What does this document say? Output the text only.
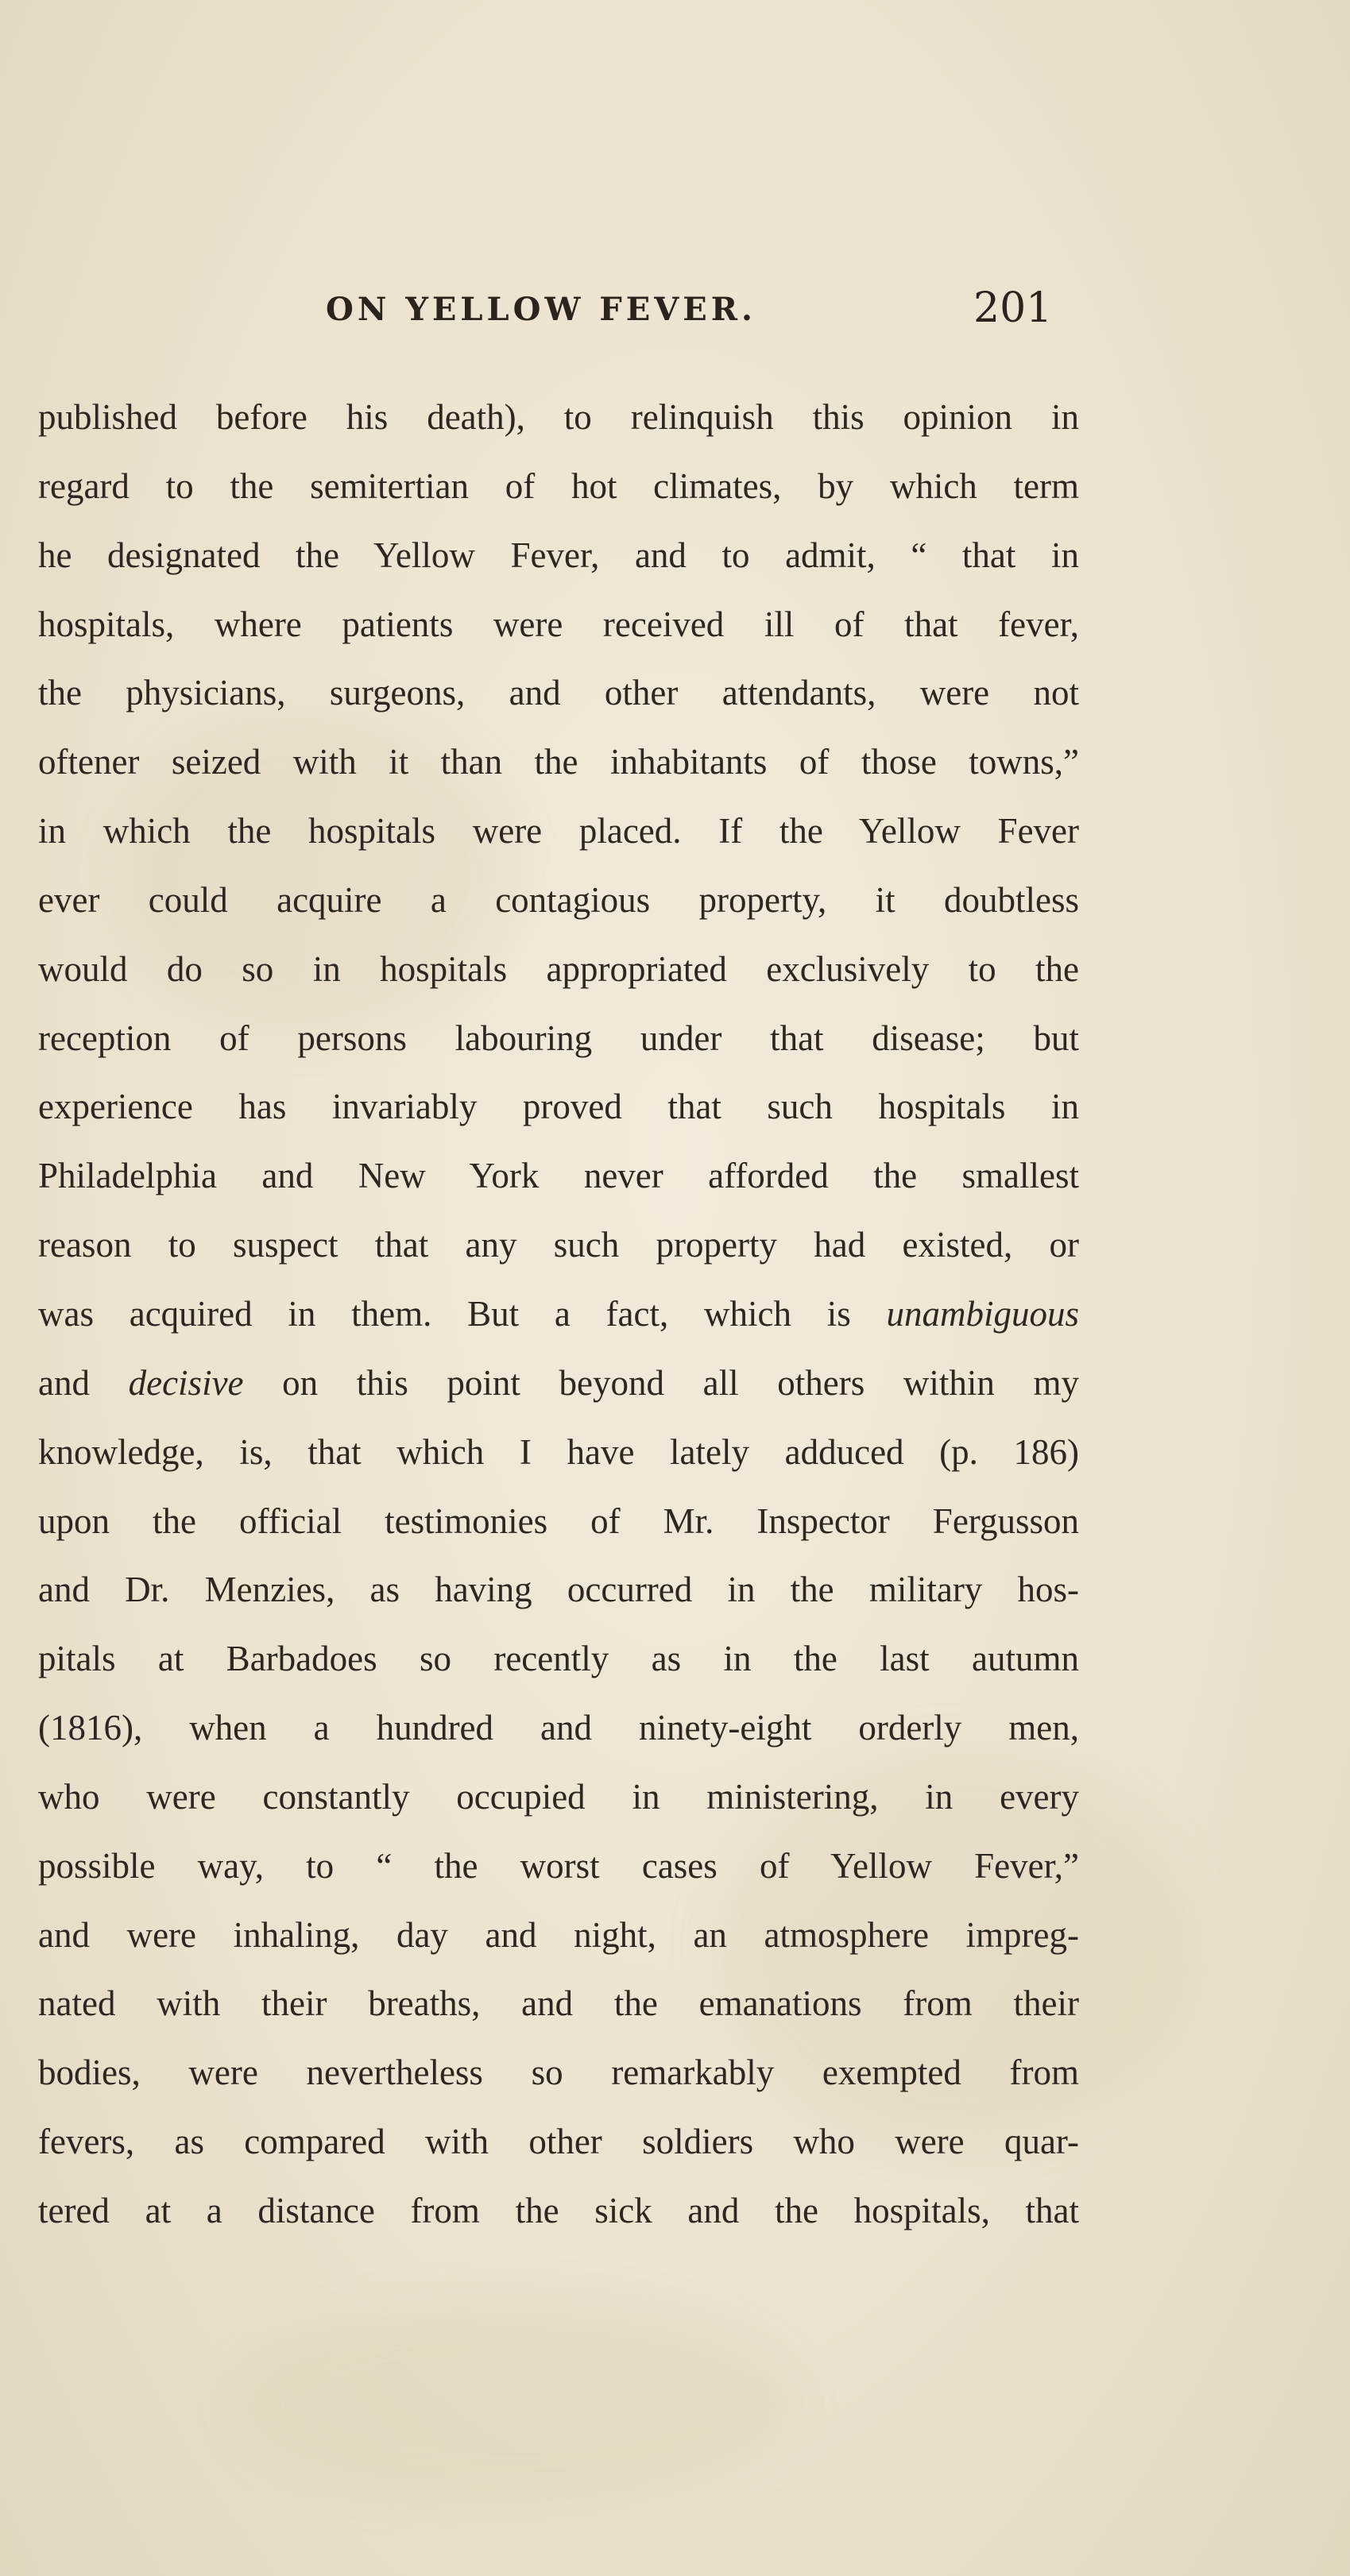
ON YELLOW FEVER.	201
published before his death), to relinquish this opinion in
regard to the semitertian of hot climates, by which term
he designated the Yellow Fever, and to admit, “ that in
hospitals, where patients were received ill of that fever,
the physicians, surgeons, and other attendants, were not
oftener seized with it than the inhabitants of those towns,”
in which the hospitals were placed. If the Yellow Fever
ever could acquire a contagious property, it doubtless
would do so in hospitals appropriated exclusively to the
reception of persons labouring under that disease; but
experience has invariably proved that such hospitals in
Philadelphia and New York never afforded the smallest
reason to suspect that any such property had existed, or
was acquired in them. But a fact, which is unambiguous
and decisive on this point beyond all others within my
knowledge, is, that which I have lately adduced (p. 186)
upon the official testimonies of Mr. Inspector Fergusson
and Dr. Menzies, as having occurred in the military hos-
pitals at Barbadoes so recently as in the last autumn
(1816), when a hundred and ninety-eight orderly men,
who were constantly occupied in ministering, in every
possible way, to “ the worst cases of Yellow Fever,”
and were inhaling, day and night, an atmosphere impreg-
nated with their breaths, and the emanations from their
bodies, were nevertheless so remarkably exempted from
fevers, as compared with other soldiers who were quar-
tered at a distance from the sick and the hospitals, that
